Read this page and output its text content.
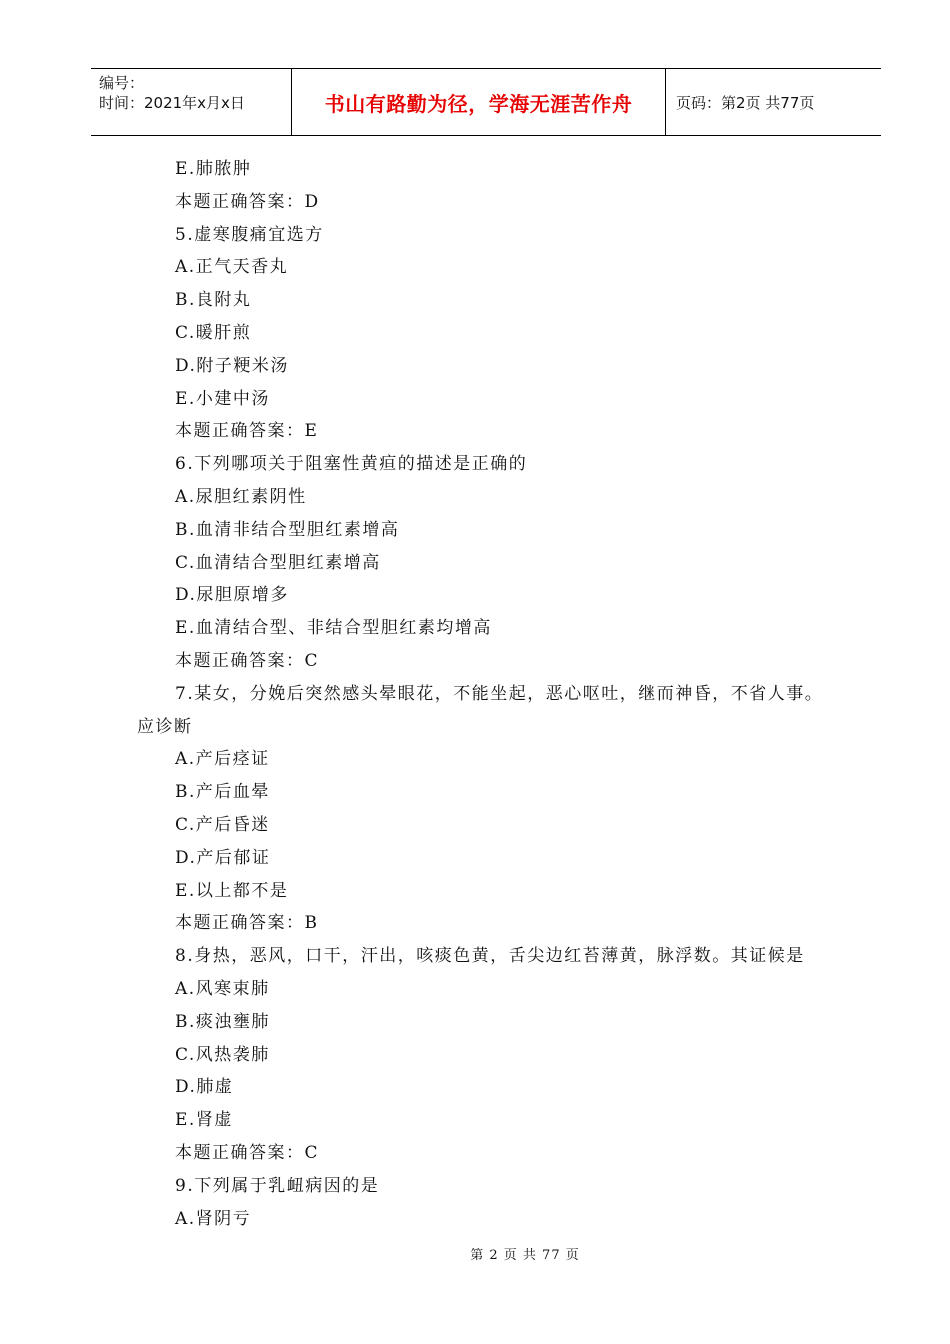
编号：
时间：2021年x月x日	书山有路勤为径，学海无涯苦作舟	页码：第2页 共77页
E.肺脓肿
本题正确答案：D
5.虚寒腹痛宜选方
A.正气天香丸
B.良附丸
C.暖肝煎
D.附子粳米汤
E.小建中汤
本题正确答案：E
6.下列哪项关于阻塞性黄疸的描述是正确的
A.尿胆红素阴性
B.血清非结合型胆红素增高
C.血清结合型胆红素增高
D.尿胆原增多
E.血清结合型、非结合型胆红素均增高
本题正确答案：C
7.某女，分娩后突然感头晕眼花，不能坐起，恶心呕吐，继而神昏，不省人事。
应诊断
A.产后痉证
B.产后血晕
C.产后昏迷
D.产后郁证
E.以上都不是
本题正确答案：B
8.身热，恶风，口干，汗出，咳痰色黄，舌尖边红苔薄黄，脉浮数。其证候是
A.风寒束肺
B.痰浊壅肺
C.风热袭肺
D.肺虚
E.肾虚
本题正确答案：C
9.下列属于乳衄病因的是
A.肾阴亏
第 2 页 共 77 页
